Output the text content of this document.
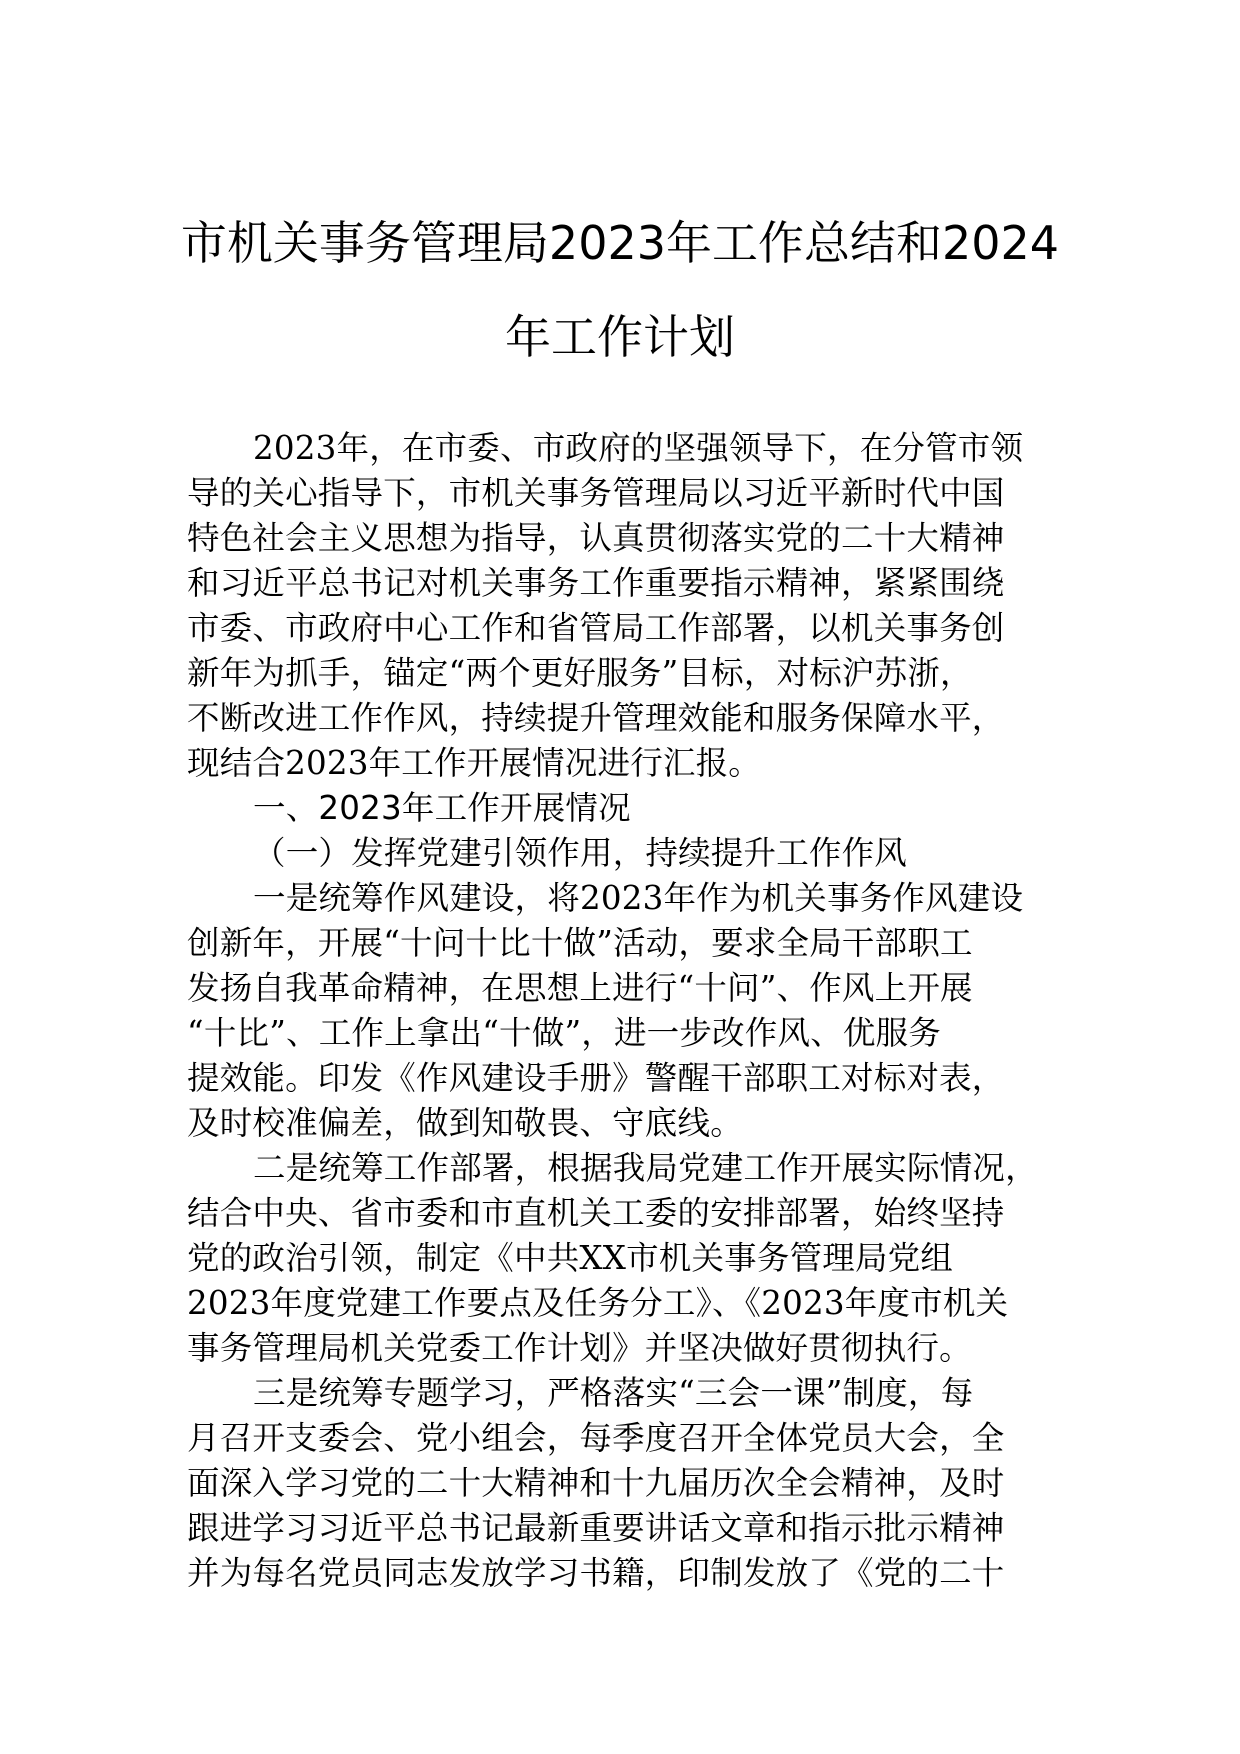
市机关事务管理局2023年工作总结和2024
年工作计划
2023年，在市委、市政府的坚强领导下，在分管市领
导的关心指导下，市机关事务管理局以习近平新时代中国
特色社会主义思想为指导，认真贯彻落实党的二十大精神
和习近平总书记对机关事务工作重要指示精神，紧紧围绕
市委、市政府中心工作和省管局工作部署，以机关事务创
新年为抓手，锚定“两个更好服务”目标，对标沪苏浙，
不断改进工作作风，持续提升管理效能和服务保障水平，
现结合2023年工作开展情况进行汇报。
一、2023年工作开展情况
（一）发挥党建引领作用，持续提升工作作风
一是统筹作风建设，将2023年作为机关事务作风建设
创新年，开展“十问十比十做”活动，要求全局干部职工
发扬自我革命精神，在思想上进行“十问”、作风上开展
“十比”、工作上拿出“十做”，进一步改作风、优服务
提效能。印发《作风建设手册》警醒干部职工对标对表，
及时校准偏差，做到知敬畏、守底线。
二是统筹工作部署，根据我局党建工作开展实际情况，
结合中央、省市委和市直机关工委的安排部署，始终坚持
党的政治引领，制定《中共XX市机关事务管理局党组
2023年度党建工作要点及任务分工》、《2023年度市机关
事务管理局机关党委工作计划》并坚决做好贯彻执行。
三是统筹专题学习，严格落实“三会一课”制度，每
月召开支委会、党小组会，每季度召开全体党员大会，全
面深入学习党的二十大精神和十九届历次全会精神，及时
跟进学习习近平总书记最新重要讲话文章和指示批示精神
并为每名党员同志发放学习书籍，印制发放了《党的二十
